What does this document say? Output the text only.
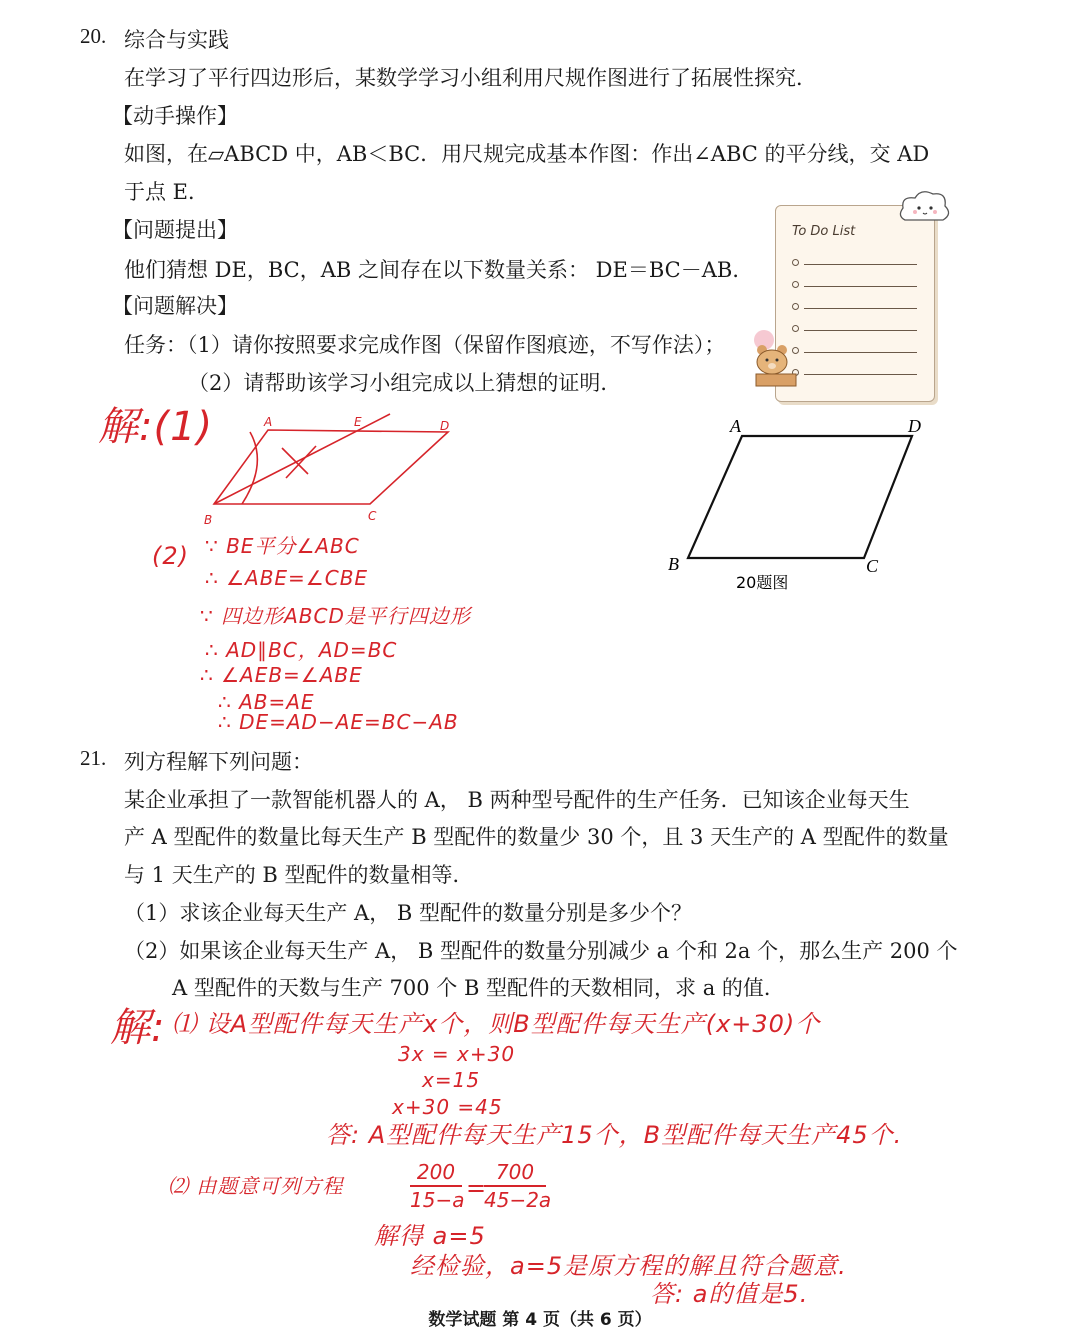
20. 综合与实践
在学习了平行四边形后，某数学学习小组利用尺规作图进行了拓展性探究．
【动手操作】
如图，在▱ABCD 中，AB＜BC．用尺规完成基本作图：作出∠ABC 的平分线，交 AD
于点 E．
【问题提出】
他们猜想 DE，BC，AB 之间存在以下数量关系： DE＝BC－AB．
【问题解决】
任务：（1）请你按照要求完成作图（保留作图痕迹，不写作法）；
（2）请帮助该学习小组完成以上猜想的证明．
To Do List
A	D
B	C
20题图
解:(1)	A	E	D
B	C
(2) ∵ BE平分∠ABC
∴ ∠ABE=∠CBE
∵ 四边形ABCD是平行四边形
∴ AD∥BC，AD=BC
∴ ∠AEB=∠ABE
∴ AB=AE
∴ DE=AD−AE=BC−AB
21. 列方程解下列问题：
某企业承担了一款智能机器人的 A， B 两种型号配件的生产任务．已知该企业每天生
产 A 型配件的数量比每天生产 B 型配件的数量少 30 个，且 3 天生产的 A 型配件的数量
与 1 天生产的 B 型配件的数量相等．
（1）求该企业每天生产 A， B 型配件的数量分别是多少个？
（2）如果该企业每天生产 A， B 型配件的数量分别减少 a 个和 2a 个，那么生产 200 个
A 型配件的天数与生产 700 个 B 型配件的天数相同，求 a 的值．
解: ⑴ 设A型配件每天生产x个，则B型配件每天生产(x+30)个
3x = x+30
x=15
x+30 =45
答: A型配件每天生产15个，B型配件每天生产45个.
⑵ 由题意可列方程
200
15−a =
700
45−2a
解得 a=5
经检验，a=5是原方程的解且符合题意.
答: a的值是5.
数学试题 第 4 页（共 6 页）
